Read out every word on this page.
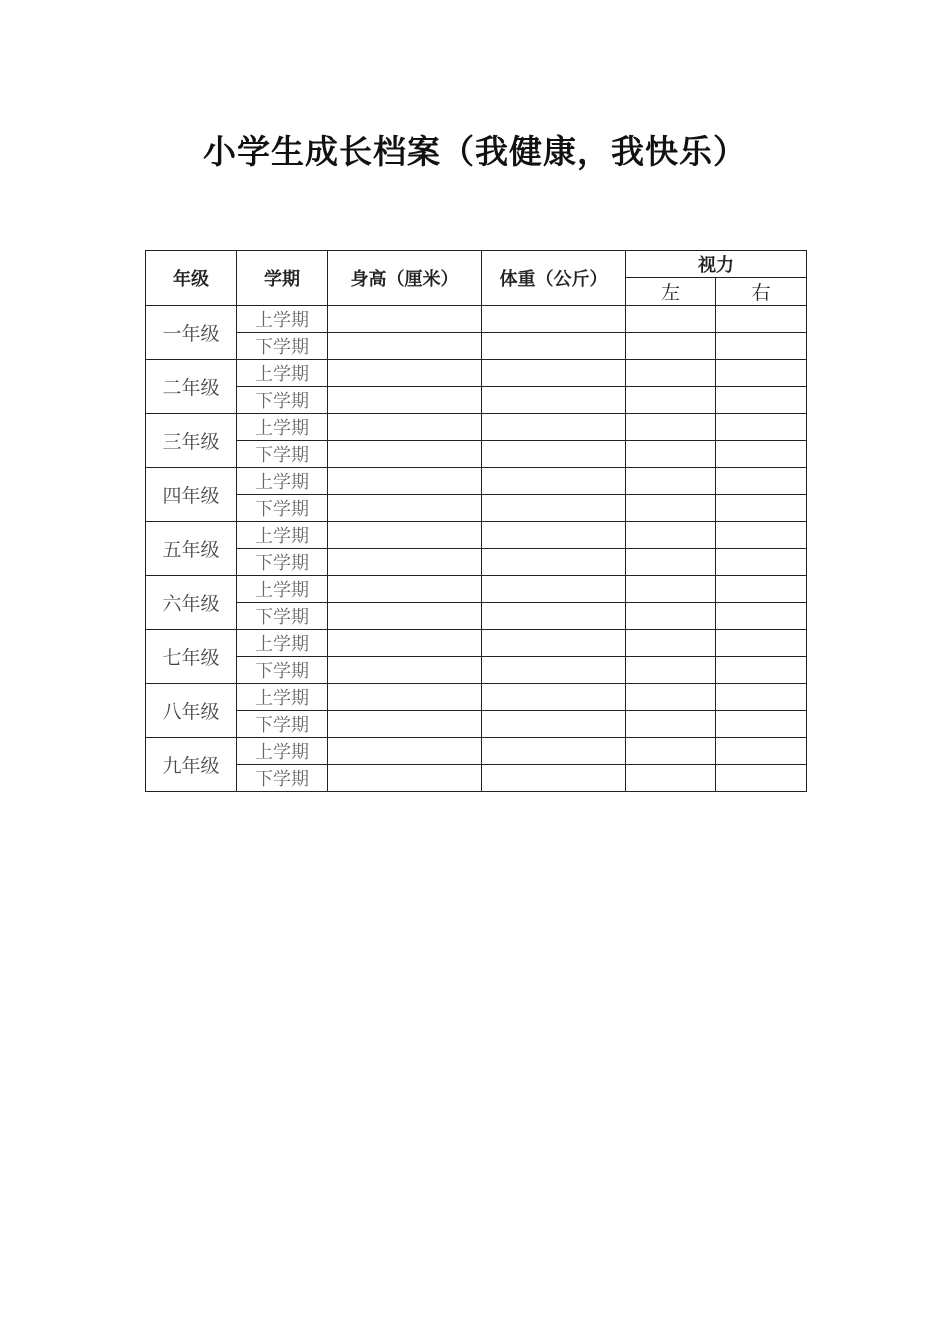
小学生成长档案（我健康，我快乐）
年级	学期	身高（厘米）	体重（公斤）	视力	
				左	右
一年级	上学期				
	下学期				
二年级	上学期				
	下学期				
三年级	上学期				
	下学期				
四年级	上学期				
	下学期				
五年级	上学期				
	下学期				
六年级	上学期				
	下学期				
七年级	上学期				
	下学期				
八年级	上学期				
	下学期				
九年级	上学期				
	下学期				
